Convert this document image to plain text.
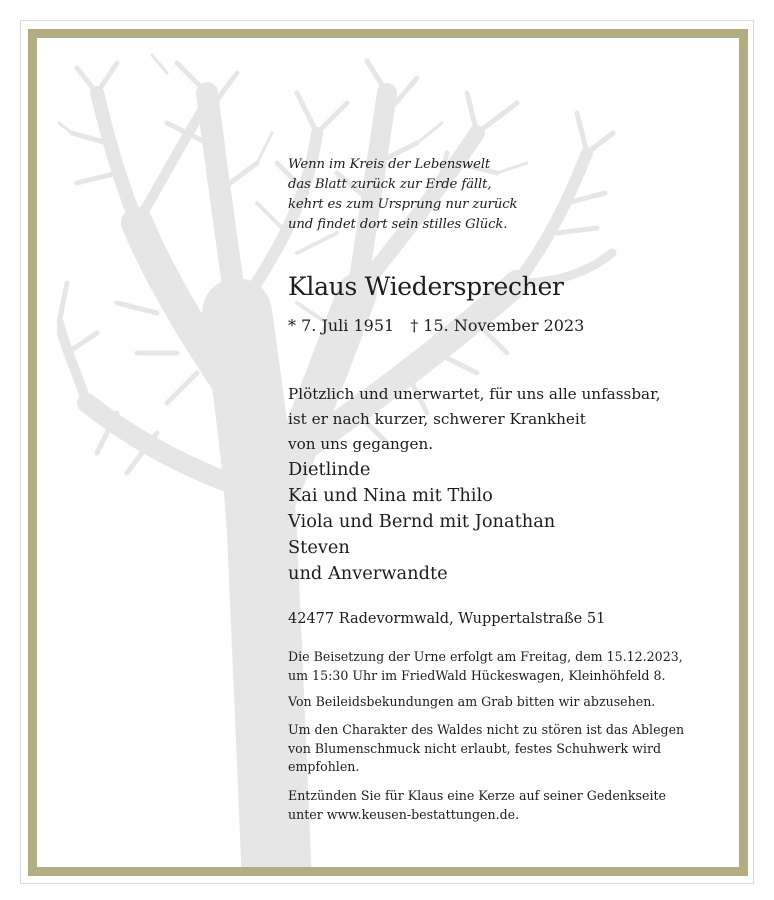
Wenn im Kreis der Lebenswelt
das Blatt zurück zur Erde fällt,
kehrt es zum Ursprung nur zurück
und findet dort sein stilles Glück.
Klaus Wiedersprecher
* 7. Juli 1951 † 15. November 2023
Plötzlich und unerwartet, für uns alle unfassbar,
ist er nach kurzer, schwerer Krankheit
von uns gegangen.
Dietlinde
Kai und Nina mit Thilo
Viola und Bernd mit Jonathan
Steven
und Anverwandte
42477 Radevormwald, Wuppertalstraße 51
Die Beisetzung der Urne erfolgt am Freitag, dem 15.12.2023,
um 15:30 Uhr im FriedWald Hückeswagen, Kleinhöhfeld 8.
Von Beileidsbekundungen am Grab bitten wir abzusehen.
Um den Charakter des Waldes nicht zu stören ist das Ablegen
von Blumenschmuck nicht erlaubt, festes Schuhwerk wird
empfohlen.
Entzünden Sie für Klaus eine Kerze auf seiner Gedenkseite
unter www.keusen-bestattungen.de.
